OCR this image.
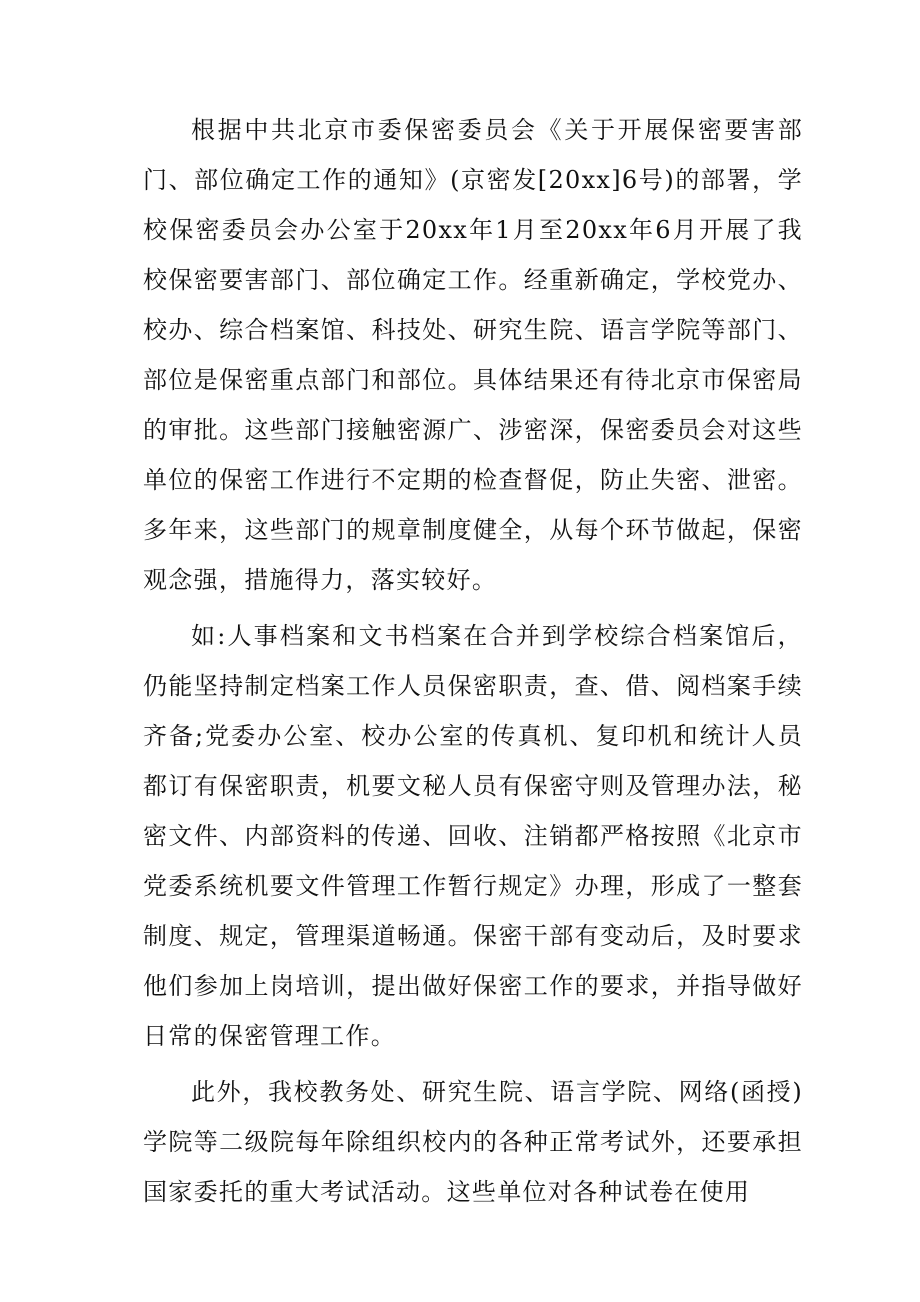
根据中共北京市委保密委员会《关于开展保密要害部门、部位确定工作的通知》(京密发[20xx]6号)的部署，学校保密委员会办公室于20xx年1月至20xx年6月开展了我校保密要害部门、部位确定工作。经重新确定，学校党办、校办、综合档案馆、科技处、研究生院、语言学院等部门、部位是保密重点部门和部位。具体结果还有待北京市保密局的审批。这些部门接触密源广、涉密深，保密委员会对这些单位的保密工作进行不定期的检查督促，防止失密、泄密。多年来，这些部门的规章制度健全，从每个环节做起，保密观念强，措施得力，落实较好。

如:人事档案和文书档案在合并到学校综合档案馆后，仍能坚持制定档案工作人员保密职责，查、借、阅档案手续齐备;党委办公室、校办公室的传真机、复印机和统计人员都订有保密职责，机要文秘人员有保密守则及管理办法，秘密文件、内部资料的传递、回收、注销都严格按照《北京市党委系统机要文件管理工作暂行规定》办理，形成了一整套制度、规定，管理渠道畅通。保密干部有变动后，及时要求他们参加上岗培训，提出做好保密工作的要求，并指导做好日常的保密管理工作。

此外，我校教务处、研究生院、语言学院、网络(函授)学院等二级院每年除组织校内的各种正常考试外，还要承担国家委托的重大考试活动。这些单位对各种试卷在使用
